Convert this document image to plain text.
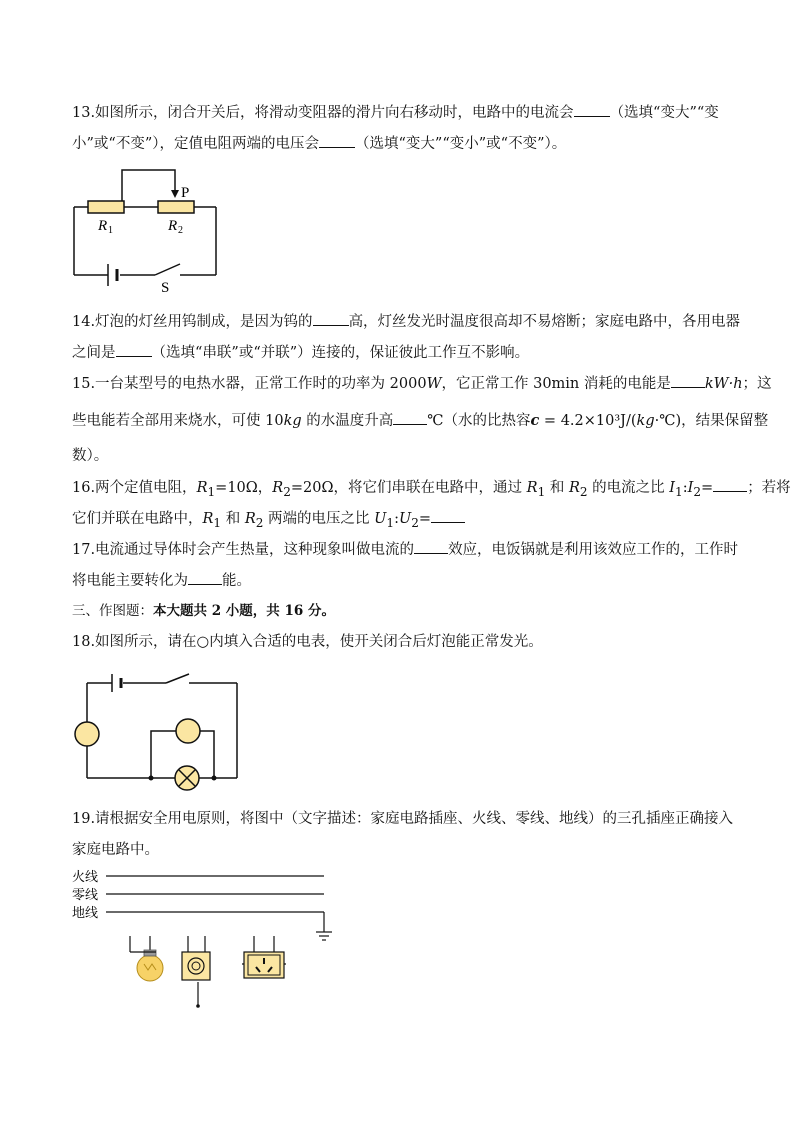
13.如图所示，闭合开关后，将滑动变阻器的滑片向右移动时，电路中的电流会 （选填“变大”“变
小”或“不变”），定值电阻两端的电压会 （选填“变大”“变小”或“不变”）。
P
R 1	R 2
S
14.灯泡的灯丝用钨制成，是因为钨的 高，灯丝发光时温度很高却不易熔断；家庭电路中，各用电器
之间是 （选填“串联”或“并联”）连接的，保证彼此工作互不影响。
15.一台某型号的电热水器，正常工作时的功率为 2000W，它正常工作 30min 消耗的电能是 kW·h；这
些电能若全部用来烧水，可使 10kg 的水温度升高 ℃（水的比热容c = 4.2×10³J/(kg·℃)，结果保留整
数）。
16.两个定值电阻，$R_1=10\Omega$，$R_2=20\Omega$，将它们串联在电路中，通过 $R_1$ 和 $R_2$ 的电流之比 $I_1:I_2=$ ；若将
它们并联在电路中，$R_1$ 和 $R_2$ 两端的电压之比 $U_1:U_2=$
17.电流通过导体时会产生热量，这种现象叫做电流的 效应，电饭锅就是利用该效应工作的，工作时
将电能主要转化为 能。
三、作图题：本大题共 2 小题，共 16 分。
18.如图所示，请在○内填入合适的电表，使开关闭合后灯泡能正常发光。
19.请根据安全用电原则，将图中（文字描述：家庭电路插座、火线、零线、地线）的三孔插座正确接入
家庭电路中。
火线
零线
地线
